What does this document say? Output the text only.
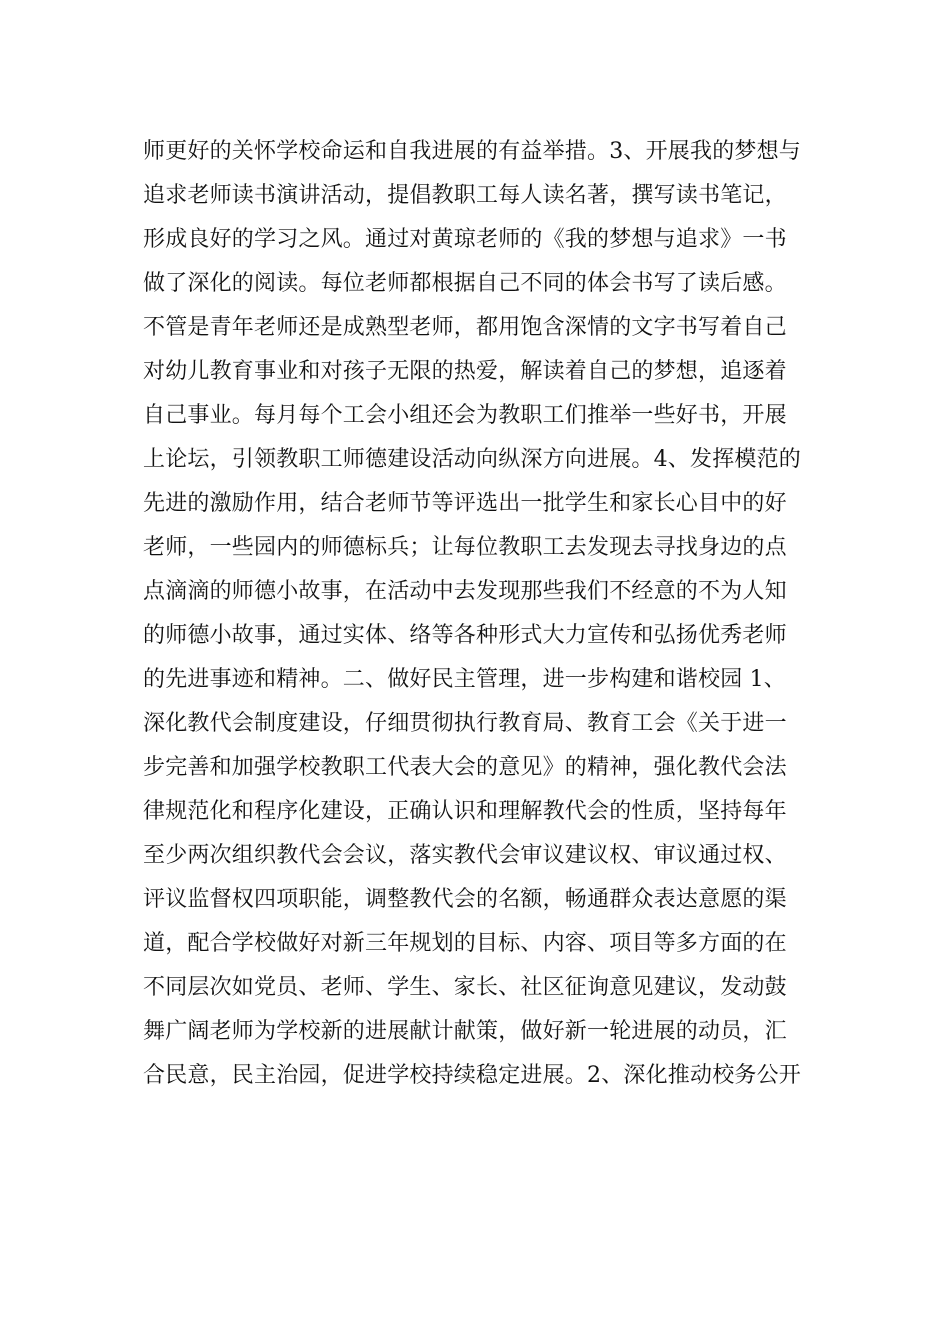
师更好的关怀学校命运和自我进展的有益举措。3、开展我的梦想与

追求老师读书演讲活动，提倡教职工每人读名著，撰写读书笔记，

形成良好的学习之风。通过对黄琼老师的《我的梦想与追求》一书

做了深化的阅读。每位老师都根据自己不同的体会书写了读后感。

不管是青年老师还是成熟型老师，都用饱含深情的文字书写着自己

对幼儿教育事业和对孩子无限的热爱，解读着自己的梦想，追逐着

自己事业。每月每个工会小组还会为教职工们推举一些好书，开展

上论坛，引领教职工师德建设活动向纵深方向进展。4、发挥模范的

先进的激励作用，结合老师节等评选出一批学生和家长心目中的好

老师，一些园内的师德标兵；让每位教职工去发现去寻找身边的点

点滴滴的师德小故事，在活动中去发现那些我们不经意的不为人知

的师德小故事，通过实体、络等各种形式大力宣传和弘扬优秀老师

的先进事迹和精神。二、做好民主管理，进一步构建和谐校园 1、

深化教代会制度建设，仔细贯彻执行教育局、教育工会《关于进一

步完善和加强学校教职工代表大会的意见》的精神，强化教代会法

律规范化和程序化建设，正确认识和理解教代会的性质，坚持每年

至少两次组织教代会会议，落实教代会审议建议权、审议通过权、

评议监督权四项职能，调整教代会的名额，畅通群众表达意愿的渠

道，配合学校做好对新三年规划的目标、内容、项目等多方面的在

不同层次如党员、老师、学生、家长、社区征询意见建议，发动鼓

舞广阔老师为学校新的进展献计献策，做好新一轮进展的动员，汇

合民意，民主治园，促进学校持续稳定进展。2、深化推动校务公开
